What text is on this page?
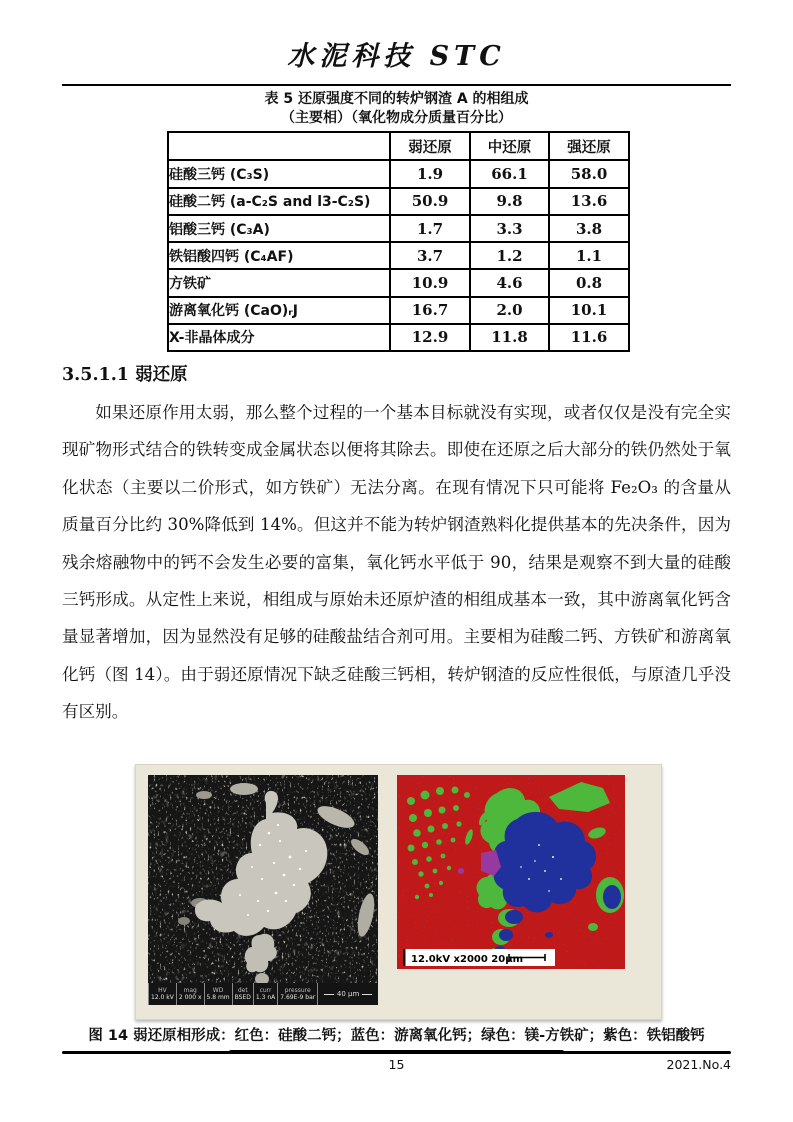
水泥科技 STC
表 5 还原强度不同的转炉钢渣 A 的相组成
（主要相）（氧化物成分质量百分比）
	弱还原	中还原	强还原
硅酸三钙 (C₃S)	1.9	66.1	58.0
硅酸二钙 (a-C₂S and l3-C₂S)	50.9	9.8	13.6
铝酸三钙 (C₃A)	1.7	3.3	3.8
铁铝酸四钙 (C₄AF)	3.7	1.2	1.1
方铁矿	10.9	4.6	0.8
游离氧化钙 (CaO)ᵣJ	16.7	2.0	10.1
X-非晶体成分	12.9	11.8	11.6
3.5.1.1 弱还原
如果还原作用太弱，那么整个过程的一个基本目标就没有实现，或者仅仅是没有完全实现矿物形式结合的铁转变成金属状态以便将其除去。即使在还原之后大部分的铁仍然处于氧化状态（主要以二价形式，如方铁矿）无法分离。在现有情况下只可能将 Fe₂O₃ 的含量从质量百分比约 30%降低到 14%。但这并不能为转炉钢渣熟料化提供基本的先决条件，因为残余熔融物中的钙不会发生必要的富集，氧化钙水平低于 90，结果是观察不到大量的硅酸三钙形成。从定性上来说，相组成与原始未还原炉渣的相组成基本一致，其中游离氧化钙含量显著增加，因为显然没有足够的硅酸盐结合剂可用。主要相为硅酸二钙、方铁矿和游离氧化钙（图 14）。由于弱还原情况下缺乏硅酸三钙相，转炉钢渣的反应性很低，与原渣几乎没有区别。
HV
12.0 kV
mag
2 000 x
WD
5.8 mm
det
BSED
curr
1.3 nA
pressure
7.69E-9 bar	40 µm
12.0kV x2000 20µm
图 14 弱还原相形成：红色：硅酸二钙；蓝色：游离氧化钙；绿色：镁-方铁矿；紫色：铁铝酸钙
15	2021.No.4
